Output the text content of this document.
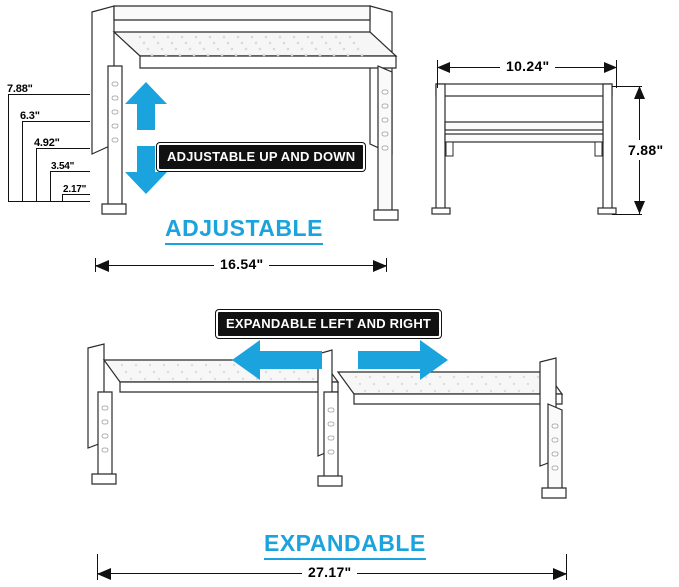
7.88"
6.3"
4.92"
3.54"
2.17"
ADJUSTABLE UP AND DOWN
ADJUSTABLE
16.54"
10.24"
7.88"
EXPANDABLE LEFT AND RIGHT
EXPANDABLE
27.17"
